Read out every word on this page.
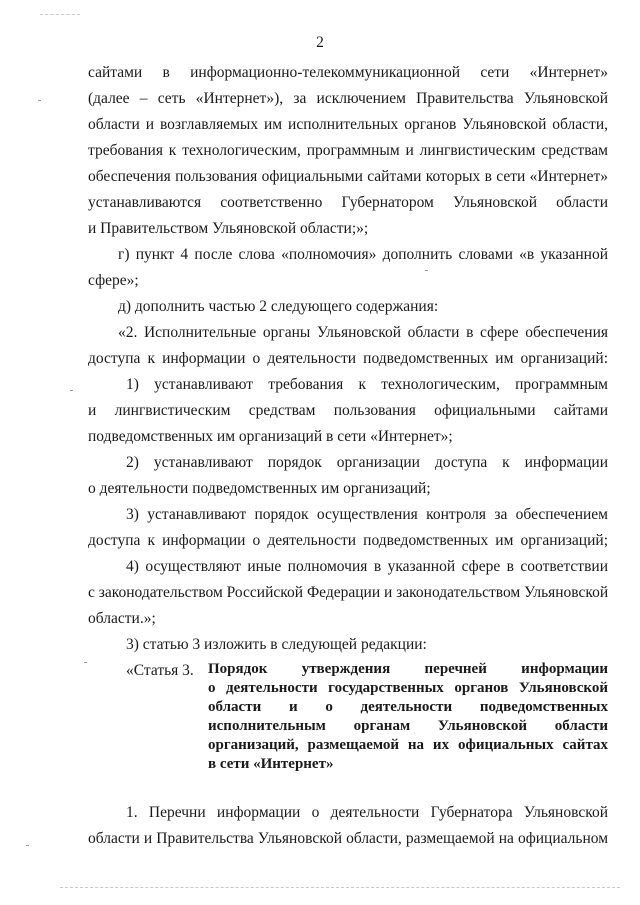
2
сайтами в информационно-телекоммуникационной сети «Интернет»
(далее – сеть «Интернет»), за исключением Правительства Ульяновской
области и возглавляемых им исполнительных органов Ульяновской области,
требования к технологическим, программным и лингвистическим средствам
обеспечения пользования официальными сайтами которых в сети «Интернет»
устанавливаются соответственно Губернатором Ульяновской области
и Правительством Ульяновской области;»;
г) пункт 4 после слова «полномочия» дополнить словами «в указанной
сфере»;
д) дополнить частью 2 следующего содержания:
«2. Исполнительные органы Ульяновской области в сфере обеспечения
доступа к информации о деятельности подведомственных им организаций:
1) устанавливают требования к технологическим, программным
и лингвистическим средствам пользования официальными сайтами
подведомственных им организаций в сети «Интернет»;
2) устанавливают порядок организации доступа к информации
о деятельности подведомственных им организаций;
3) устанавливают порядок осуществления контроля за обеспечением
доступа к информации о деятельности подведомственных им организаций;
4) осуществляют иные полномочия в указанной сфере в соответствии
с законодательством Российской Федерации и законодательством Ульяновской
области.»;
3) статью 3 изложить в следующей редакции:
«Статья 3. Порядок утверждения перечней информации
о деятельности государственных органов Ульяновской
области и о деятельности подведомственных
исполнительным органам Ульяновской области
организаций, размещаемой на их официальных сайтах
в сети «Интернет»
1. Перечни информации о деятельности Губернатора Ульяновской
области и Правительства Ульяновской области, размещаемой на официальном
